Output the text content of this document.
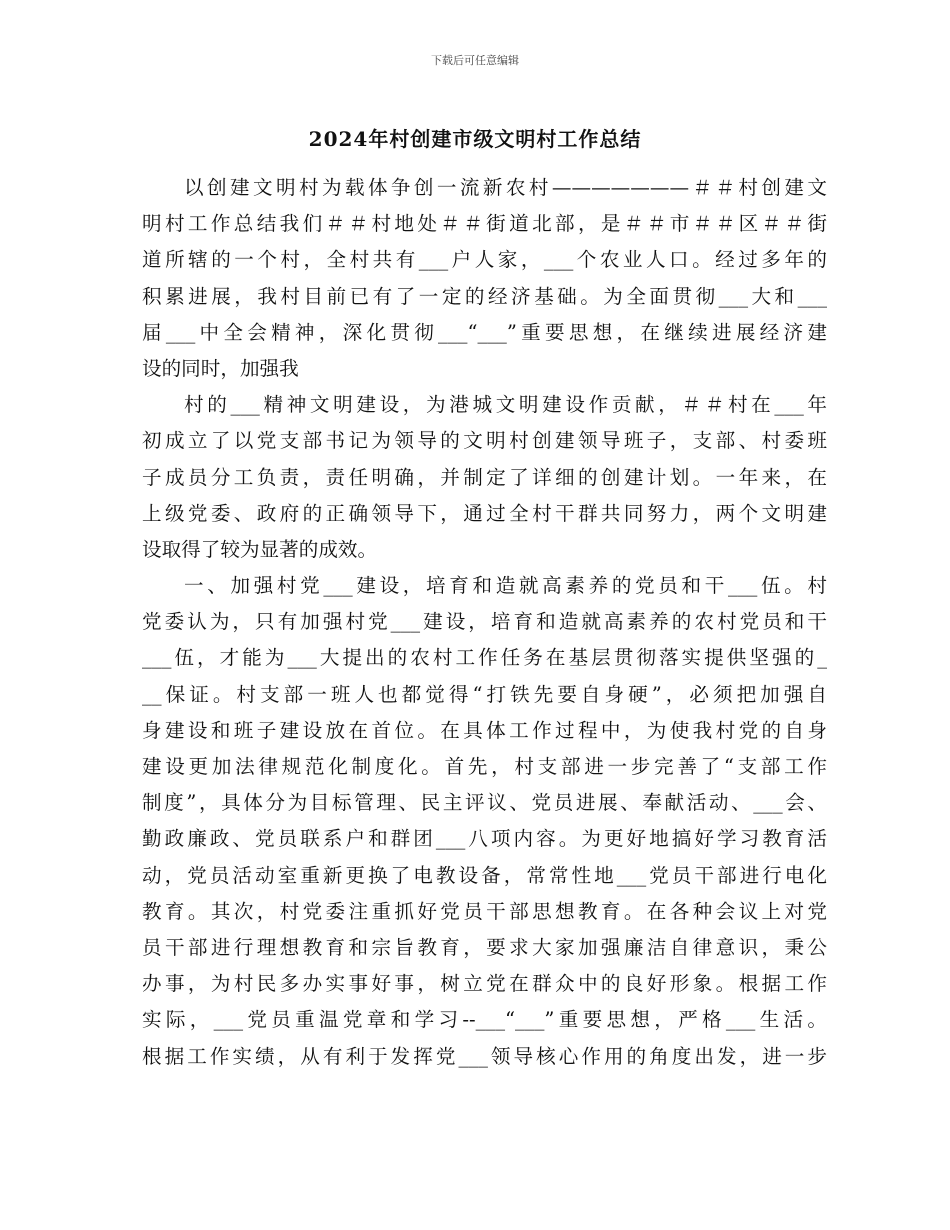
下载后可任意编辑
2024年村创建市级文明村工作总结
以创建文明村为载体争创一流新农村———————＃＃村创建文
明村工作总结我们＃＃村地处＃＃街道北部，是＃＃市＃＃区＃＃街
道所辖的一个村，全村共有___户人家，___个农业人口。经过多年的
积累进展，我村目前已有了一定的经济基础。为全面贯彻___大和___
届___中全会精神，深化贯彻___“___”重要思想，在继续进展经济建
设的同时，加强我
村的___精神文明建设，为港城文明建设作贡献，＃＃村在___年
初成立了以党支部书记为领导的文明村创建领导班子，支部、村委班
子成员分工负责，责任明确，并制定了详细的创建计划。一年来，在
上级党委、政府的正确领导下，通过全村干群共同努力，两个文明建
设取得了较为显著的成效。
一、加强村党___建设，培育和造就高素养的党员和干___伍。村
党委认为，只有加强村党___建设，培育和造就高素养的农村党员和干
___伍，才能为___大提出的农村工作任务在基层贯彻落实提供坚强的_
__保证。村支部一班人也都觉得“打铁先要自身硬”，必须把加强自
身建设和班子建设放在首位。在具体工作过程中，为使我村党的自身
建设更加法律规范化制度化。首先，村支部进一步完善了“支部工作
制度”，具体分为目标管理、民主评议、党员进展、奉献活动、___会、
勤政廉政、党员联系户和群团___八项内容。为更好地搞好学习教育活
动，党员活动室重新更换了电教设备，常常性地___党员干部进行电化
教育。其次，村党委注重抓好党员干部思想教育。在各种会议上对党
员干部进行理想教育和宗旨教育，要求大家加强廉洁自律意识，秉公
办事，为村民多办实事好事，树立党在群众中的良好形象。根据工作
实际，___党员重温党章和学习--___“___”重要思想，严格___生活。
根据工作实绩，从有利于发挥党___领导核心作用的角度出发，进一步
